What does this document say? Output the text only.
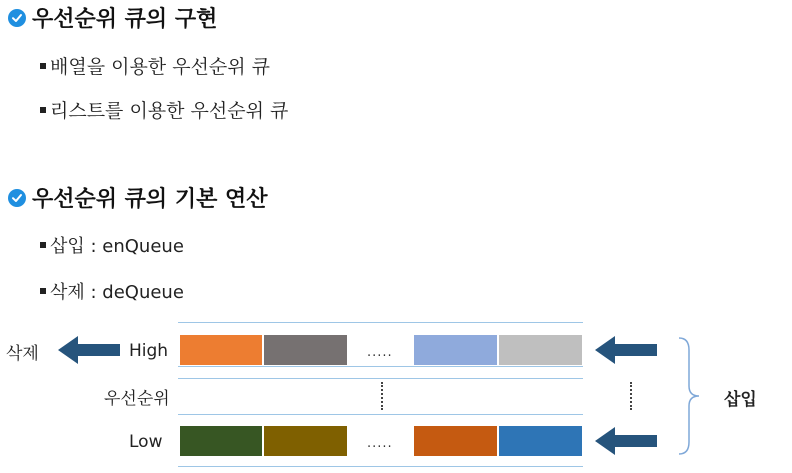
우선순위 큐의 구현
배열을 이용한 우선순위 큐
리스트를 이용한 우선순위 큐
우선순위 큐의 기본 연산
삽입 : enQueue
삭제 : deQueue
삭제	High
우선순위
Low
.....
.....
삽입
